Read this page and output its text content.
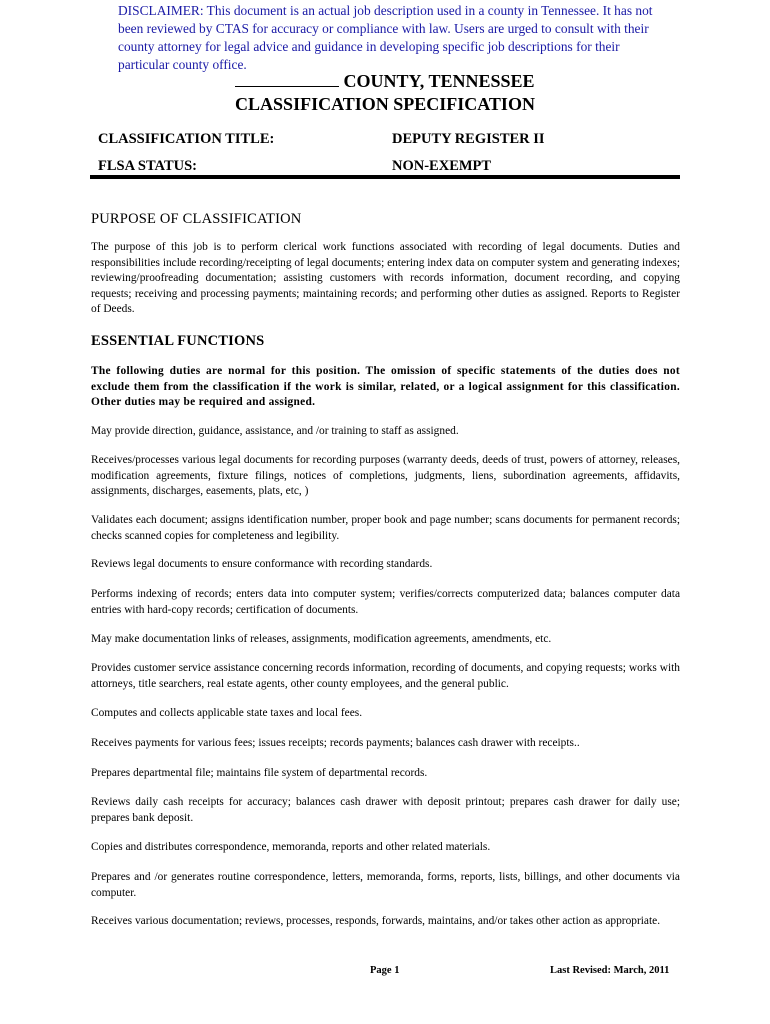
DISCLAIMER: This document is an actual job description used in a county in Tennessee. It has not been reviewed by CTAS for accuracy or compliance with law. Users are urged to consult with their county attorney for legal advice and guidance in developing specific job descriptions for their particular county office.
COUNTY, TENNESSEE
CLASSIFICATION SPECIFICATION
CLASSIFICATION TITLE:	DEPUTY REGISTER II
FLSA STATUS:	NON-EXEMPT
PURPOSE OF CLASSIFICATION
The purpose of this job is to perform clerical work functions associated with recording of legal documents. Duties and responsibilities include recording/receipting of legal documents; entering index data on computer system and generating indexes; reviewing/proofreading documentation; assisting customers with records information, document recording, and copying requests; receiving and processing payments; maintaining records; and performing other duties as assigned. Reports to Register of Deeds.
ESSENTIAL FUNCTIONS
The following duties are normal for this position. The omission of specific statements of the duties does not exclude them from the classification if the work is similar, related, or a logical assignment for this classification. Other duties may be required and assigned.
May provide direction, guidance, assistance, and /or training to staff as assigned.
Receives/processes various legal documents for recording purposes (warranty deeds, deeds of trust, powers of attorney, releases, modification agreements, fixture filings, notices of completions, judgments, liens, subordination agreements, affidavits, assignments, discharges, easements, plats, etc, )
Validates each document; assigns identification number, proper book and page number; scans documents for permanent records; checks scanned copies for completeness and legibility.
Reviews legal documents to ensure conformance with recording standards.
Performs indexing of records; enters data into computer system; verifies/corrects computerized data; balances computer data entries with hard-copy records; certification of documents.
May make documentation links of releases, assignments, modification agreements, amendments, etc.
Provides customer service assistance concerning records information, recording of documents, and copying requests; works with attorneys, title searchers, real estate agents, other county employees, and the general public.
Computes and collects applicable state taxes and local fees.
Receives payments for various fees; issues receipts; records payments; balances cash drawer with receipts..
Prepares departmental file; maintains file system of departmental records.
Reviews daily cash receipts for accuracy; balances cash drawer with deposit printout; prepares cash drawer for daily use; prepares bank deposit.
Copies and distributes correspondence, memoranda, reports and other related materials.
Prepares and /or generates routine correspondence, letters, memoranda, forms, reports, lists, billings, and other documents via computer.
Receives various documentation; reviews, processes, responds, forwards, maintains, and/or takes other action as appropriate.
Page 1	Last Revised: March, 2011
